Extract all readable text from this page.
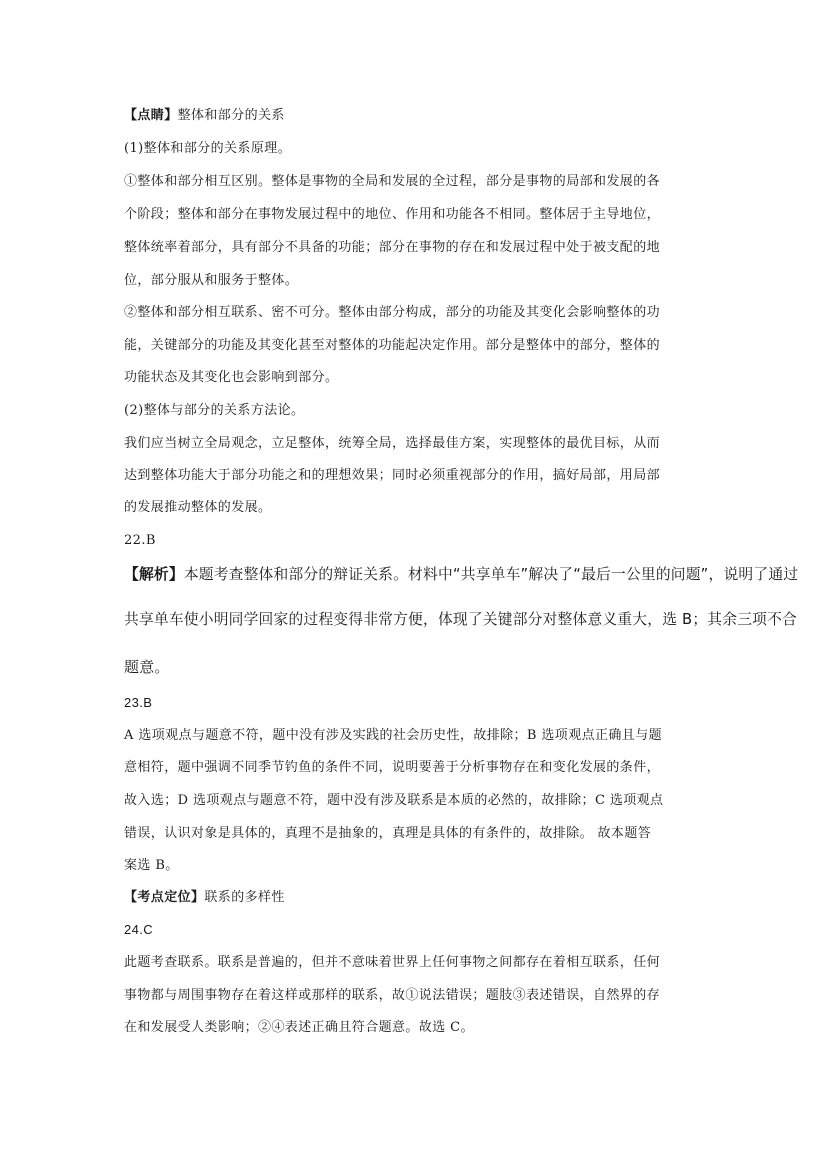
【点睛】整体和部分的关系
(1)整体和部分的关系原理。
①整体和部分相互区别。整体是事物的全局和发展的全过程，部分是事物的局部和发展的各
个阶段；整体和部分在事物发展过程中的地位、作用和功能各不相同。整体居于主导地位，
整体统率着部分，具有部分不具备的功能；部分在事物的存在和发展过程中处于被支配的地
位，部分服从和服务于整体。
②整体和部分相互联系、密不可分。整体由部分构成，部分的功能及其变化会影响整体的功
能，关键部分的功能及其变化甚至对整体的功能起决定作用。部分是整体中的部分，整体的
功能状态及其变化也会影响到部分。
(2)整体与部分的关系方法论。
我们应当树立全局观念，立足整体，统筹全局，选择最佳方案，实现整体的最优目标，从而
达到整体功能大于部分功能之和的理想效果；同时必须重视部分的作用，搞好局部，用局部
的发展推动整体的发展。
22.B
【解析】本题考查整体和部分的辩证关系。材料中“共享单车”解决了“最后一公里的问题”，说明了通过
共享单车使小明同学回家的过程变得非常方便，体现了关键部分对整体意义重大，选 B；其余三项不合
题意。
23.B
A 选项观点与题意不符，题中没有涉及实践的社会历史性，故排除；B 选项观点正确且与题
意相符，题中强调不同季节钓鱼的条件不同，说明要善于分析事物存在和变化发展的条件，
故入选；D 选项观点与题意不符，题中没有涉及联系是本质的必然的，故排除；C 选项观点
错误，认识对象是具体的，真理不是抽象的，真理是具体的有条件的，故排除。 故本题答
案选 B。
【考点定位】联系的多样性
24.C
此题考查联系。联系是普遍的，但并不意味着世界上任何事物之间都存在着相互联系，任何
事物都与周围事物存在着这样或那样的联系，故①说法错误；题肢③表述错误，自然界的存
在和发展受人类影响；②④表述正确且符合题意。故选 C。
